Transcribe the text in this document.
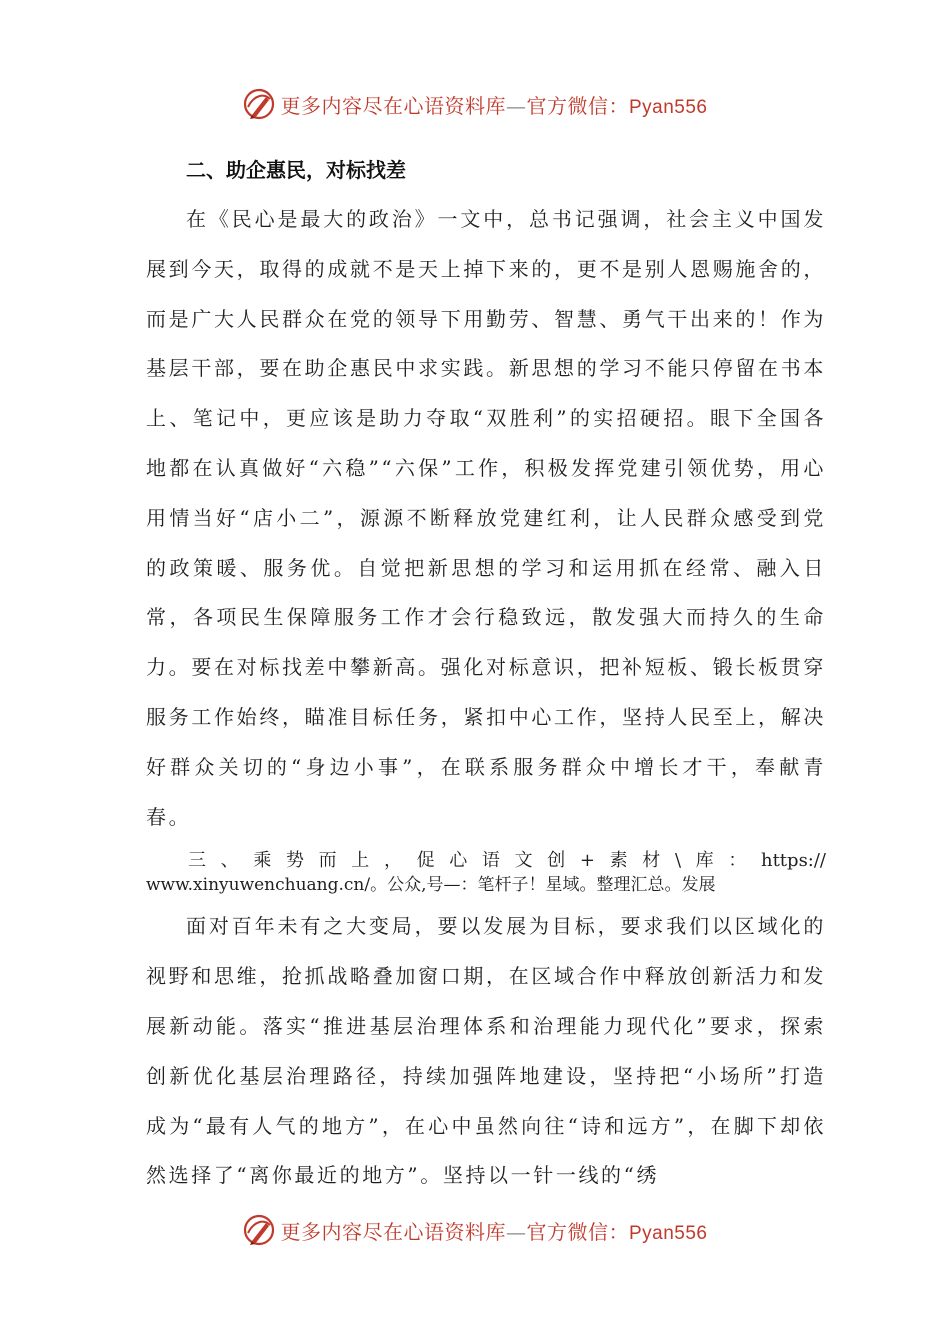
更多内容尽在心语资料库—官方微信：Pyan556
二、助企惠民，对标找差

在《民心是最大的政治》一文中，总书记强调，社会主义中国发展到今天，取得的成就不是天上掉下来的，更不是别人恩赐施舍的，而是广大人民群众在党的领导下用勤劳、智慧、勇气干出来的！作为基层干部，要在助企惠民中求实践。新思想的学习不能只停留在书本上、笔记中，更应该是助力夺取“双胜利”的实招硬招。眼下全国各地都在认真做好“六稳”“六保”工作，积极发挥党建引领优势，用心用情当好“店小二”，源源不断释放党建红利，让人民群众感受到党的政策暖、服务优。自觉把新思想的学习和运用抓在经常、融入日常，各项民生保障服务工作才会行稳致远，散发强大而持久的生命力。要在对标找差中攀新高。强化对标意识，把补短板、锻长板贯穿服务工作始终，瞄准目标任务，紧扣中心工作，坚持人民至上，解决好群众关切的“身边小事”，在联系服务群众中增长才干，奉献青春。

三 、 乘 势 而 上 ， 促 心 语 文 创 + 素 材 \ 库 ： https://
www.xinyuwenchuang.cn/。公众,号—：笔杆子！星域。整理汇总。发展

面对百年未有之大变局，要以发展为目标，要求我们以区域化的视野和思维，抢抓战略叠加窗口期，在区域合作中释放创新活力和发展新动能。落实“推进基层治理体系和治理能力现代化”要求，探索创新优化基层治理路径，持续加强阵地建设，坚持把“小场所”打造成为“最有人气的地方”，在心中虽然向往“诗和远方”，在脚下却依然选择了“离你最近的地方”。坚持以一针一线的“绣

更多内容尽在心语资料库—官方微信：Pyan556
